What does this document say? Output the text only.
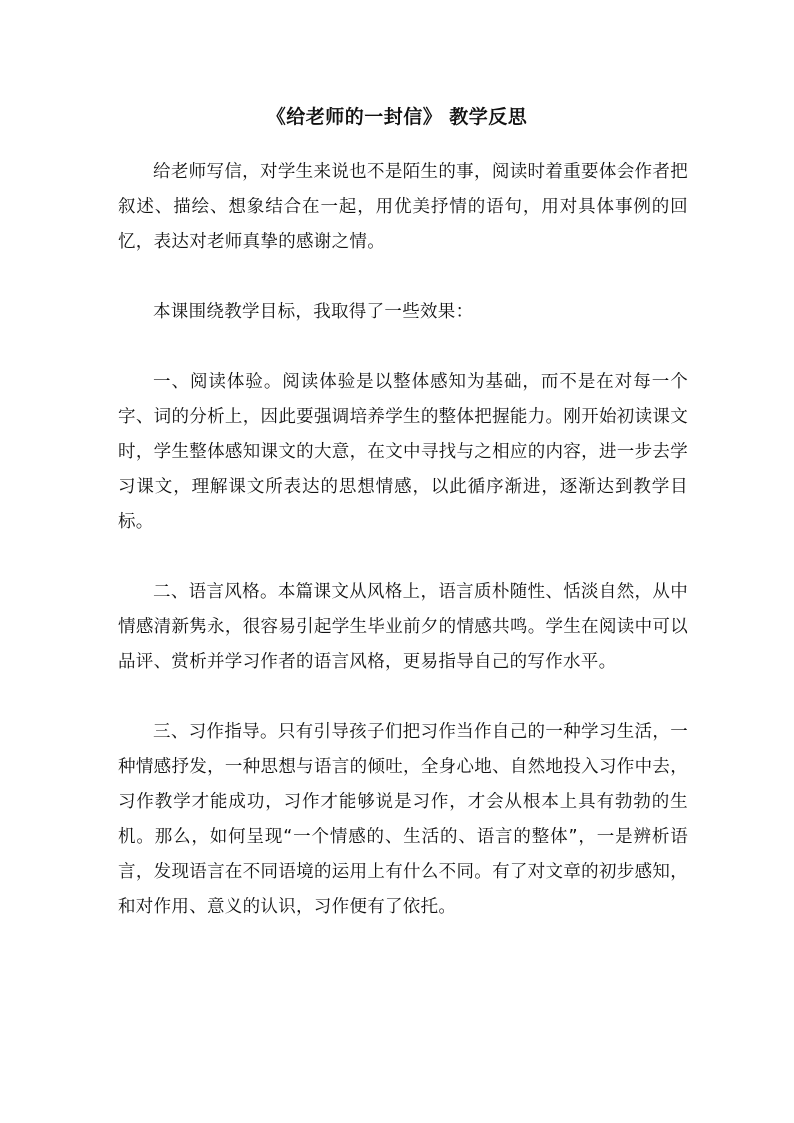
《给老师的一封信》 教学反思

给老师写信，对学生来说也不是陌生的事，阅读时着重要体会作者把叙述、描绘、想象结合在一起，用优美抒情的语句，用对具体事例的回忆，表达对老师真挚的感谢之情。

本课围绕教学目标，我取得了一些效果：

一、阅读体验。阅读体验是以整体感知为基础，而不是在对每一个字、词的分析上，因此要强调培养学生的整体把握能力。刚开始初读课文时，学生整体感知课文的大意，在文中寻找与之相应的内容，进一步去学习课文，理解课文所表达的思想情感，以此循序渐进，逐渐达到教学目标。

二、语言风格。本篇课文从风格上，语言质朴随性、恬淡自然，从中情感清新隽永，很容易引起学生毕业前夕的情感共鸣。学生在阅读中可以品评、赏析并学习作者的语言风格，更易指导自己的写作水平。

三、习作指导。只有引导孩子们把习作当作自己的一种学习生活，一种情感抒发，一种思想与语言的倾吐，全身心地、自然地投入习作中去，习作教学才能成功，习作才能够说是习作，才会从根本上具有勃勃的生机。那么，如何呈现“一个情感的、生活的、语言的整体”，一是辨析语言，发现语言在不同语境的运用上有什么不同。有了对文章的初步感知，和对作用、意义的认识，习作便有了依托。
